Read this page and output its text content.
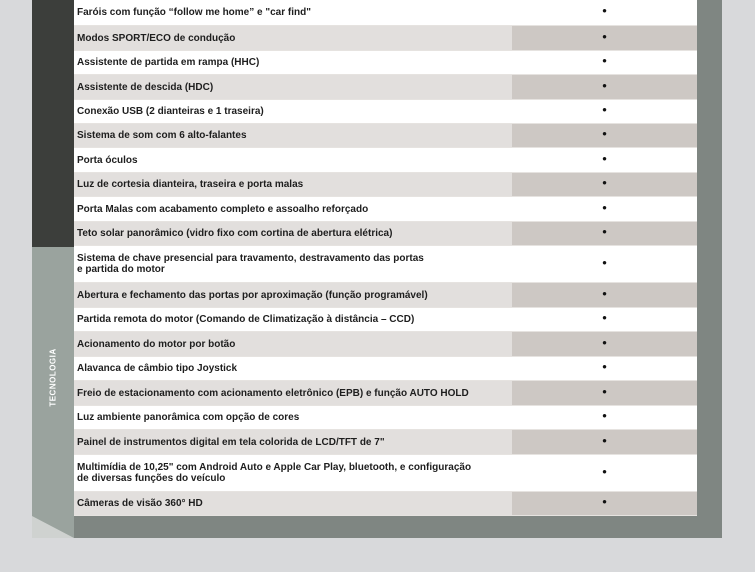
TECNOLOGIA
Faróis com função “follow me home” e "car find"	•
Modos SPORT/ECO de condução	•
Assistente de partida em rampa (HHC)	•
Assistente de descida (HDC)	•
Conexão USB (2 dianteiras e 1 traseira)	•
Sistema de som com 6 alto-falantes	•
Porta óculos	•
Luz de cortesia dianteira, traseira e porta malas	•
Porta Malas com acabamento completo e assoalho reforçado	•
Teto solar panorâmico (vidro fixo com cortina de abertura elétrica)	•
Sistema de chave presencial para travamento, destravamento das portas
e partida do motor	•
Abertura e fechamento das portas por aproximação (função programável)	•
Partida remota do motor (Comando de Climatização à distância – CCD)	•
Acionamento do motor por botão	•
Alavanca de câmbio tipo Joystick	•
Freio de estacionamento com acionamento eletrônico (EPB) e função AUTO HOLD	•
Luz ambiente panorâmica com opção de cores	•
Painel de instrumentos digital em tela colorida de LCD/TFT de 7"	•
Multimídia de 10,25" com Android Auto e Apple Car Play, bluetooth, e configuração
de diversas funções do veículo	•
Câmeras de visão 360° HD	•
